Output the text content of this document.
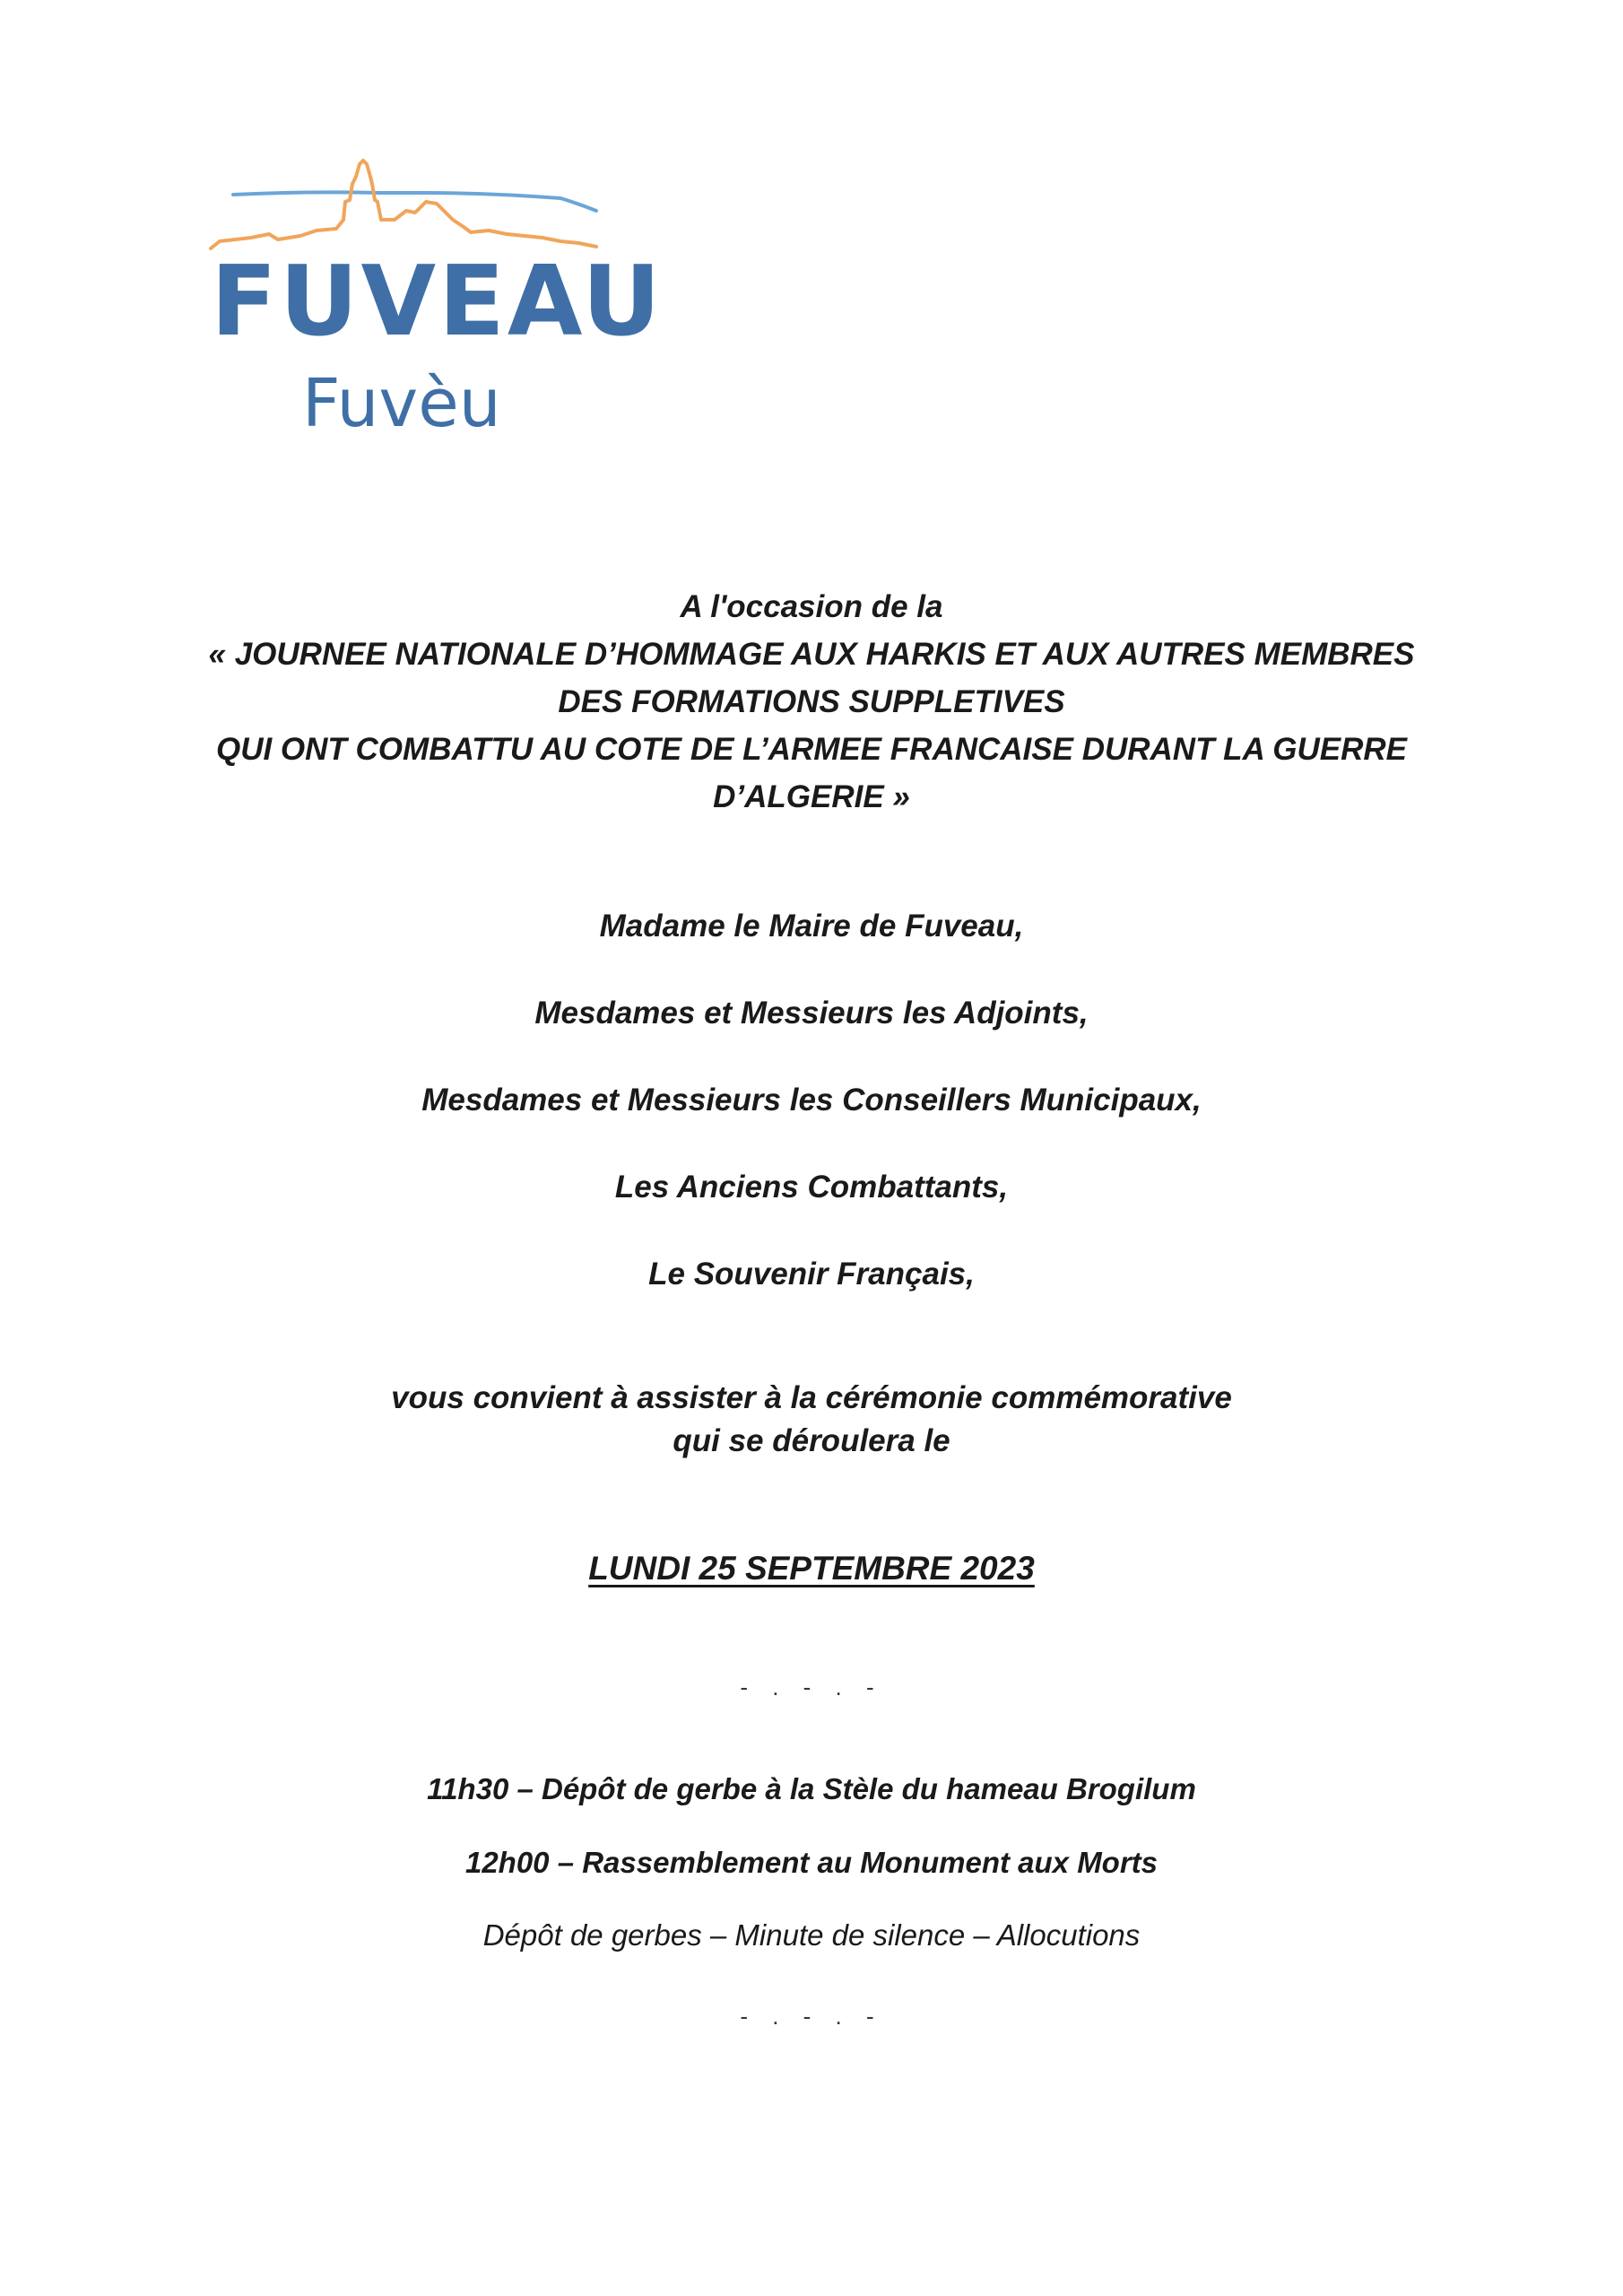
FUVEAU
Fuvèu
A l'occasion de la
« JOURNEE NATIONALE D’HOMMAGE AUX HARKIS ET AUX AUTRES MEMBRES
DES FORMATIONS SUPPLETIVES
QUI ONT COMBATTU AU COTE DE L’ARMEE FRANCAISE DURANT LA GUERRE
D’ALGERIE »
Madame le Maire de Fuveau,
Mesdames et Messieurs les Adjoints,
Mesdames et Messieurs les Conseillers Municipaux,
Les Anciens Combattants,
Le Souvenir Français,
vous convient à assister à la cérémonie commémorative
qui se déroulera le
LUNDI 25 SEPTEMBRE 2023
- . - . -
11h30 – Dépôt de gerbe à la Stèle du hameau Brogilum
12h00 – Rassemblement au Monument aux Morts
Dépôt de gerbes – Minute de silence – Allocutions
- . - . -
